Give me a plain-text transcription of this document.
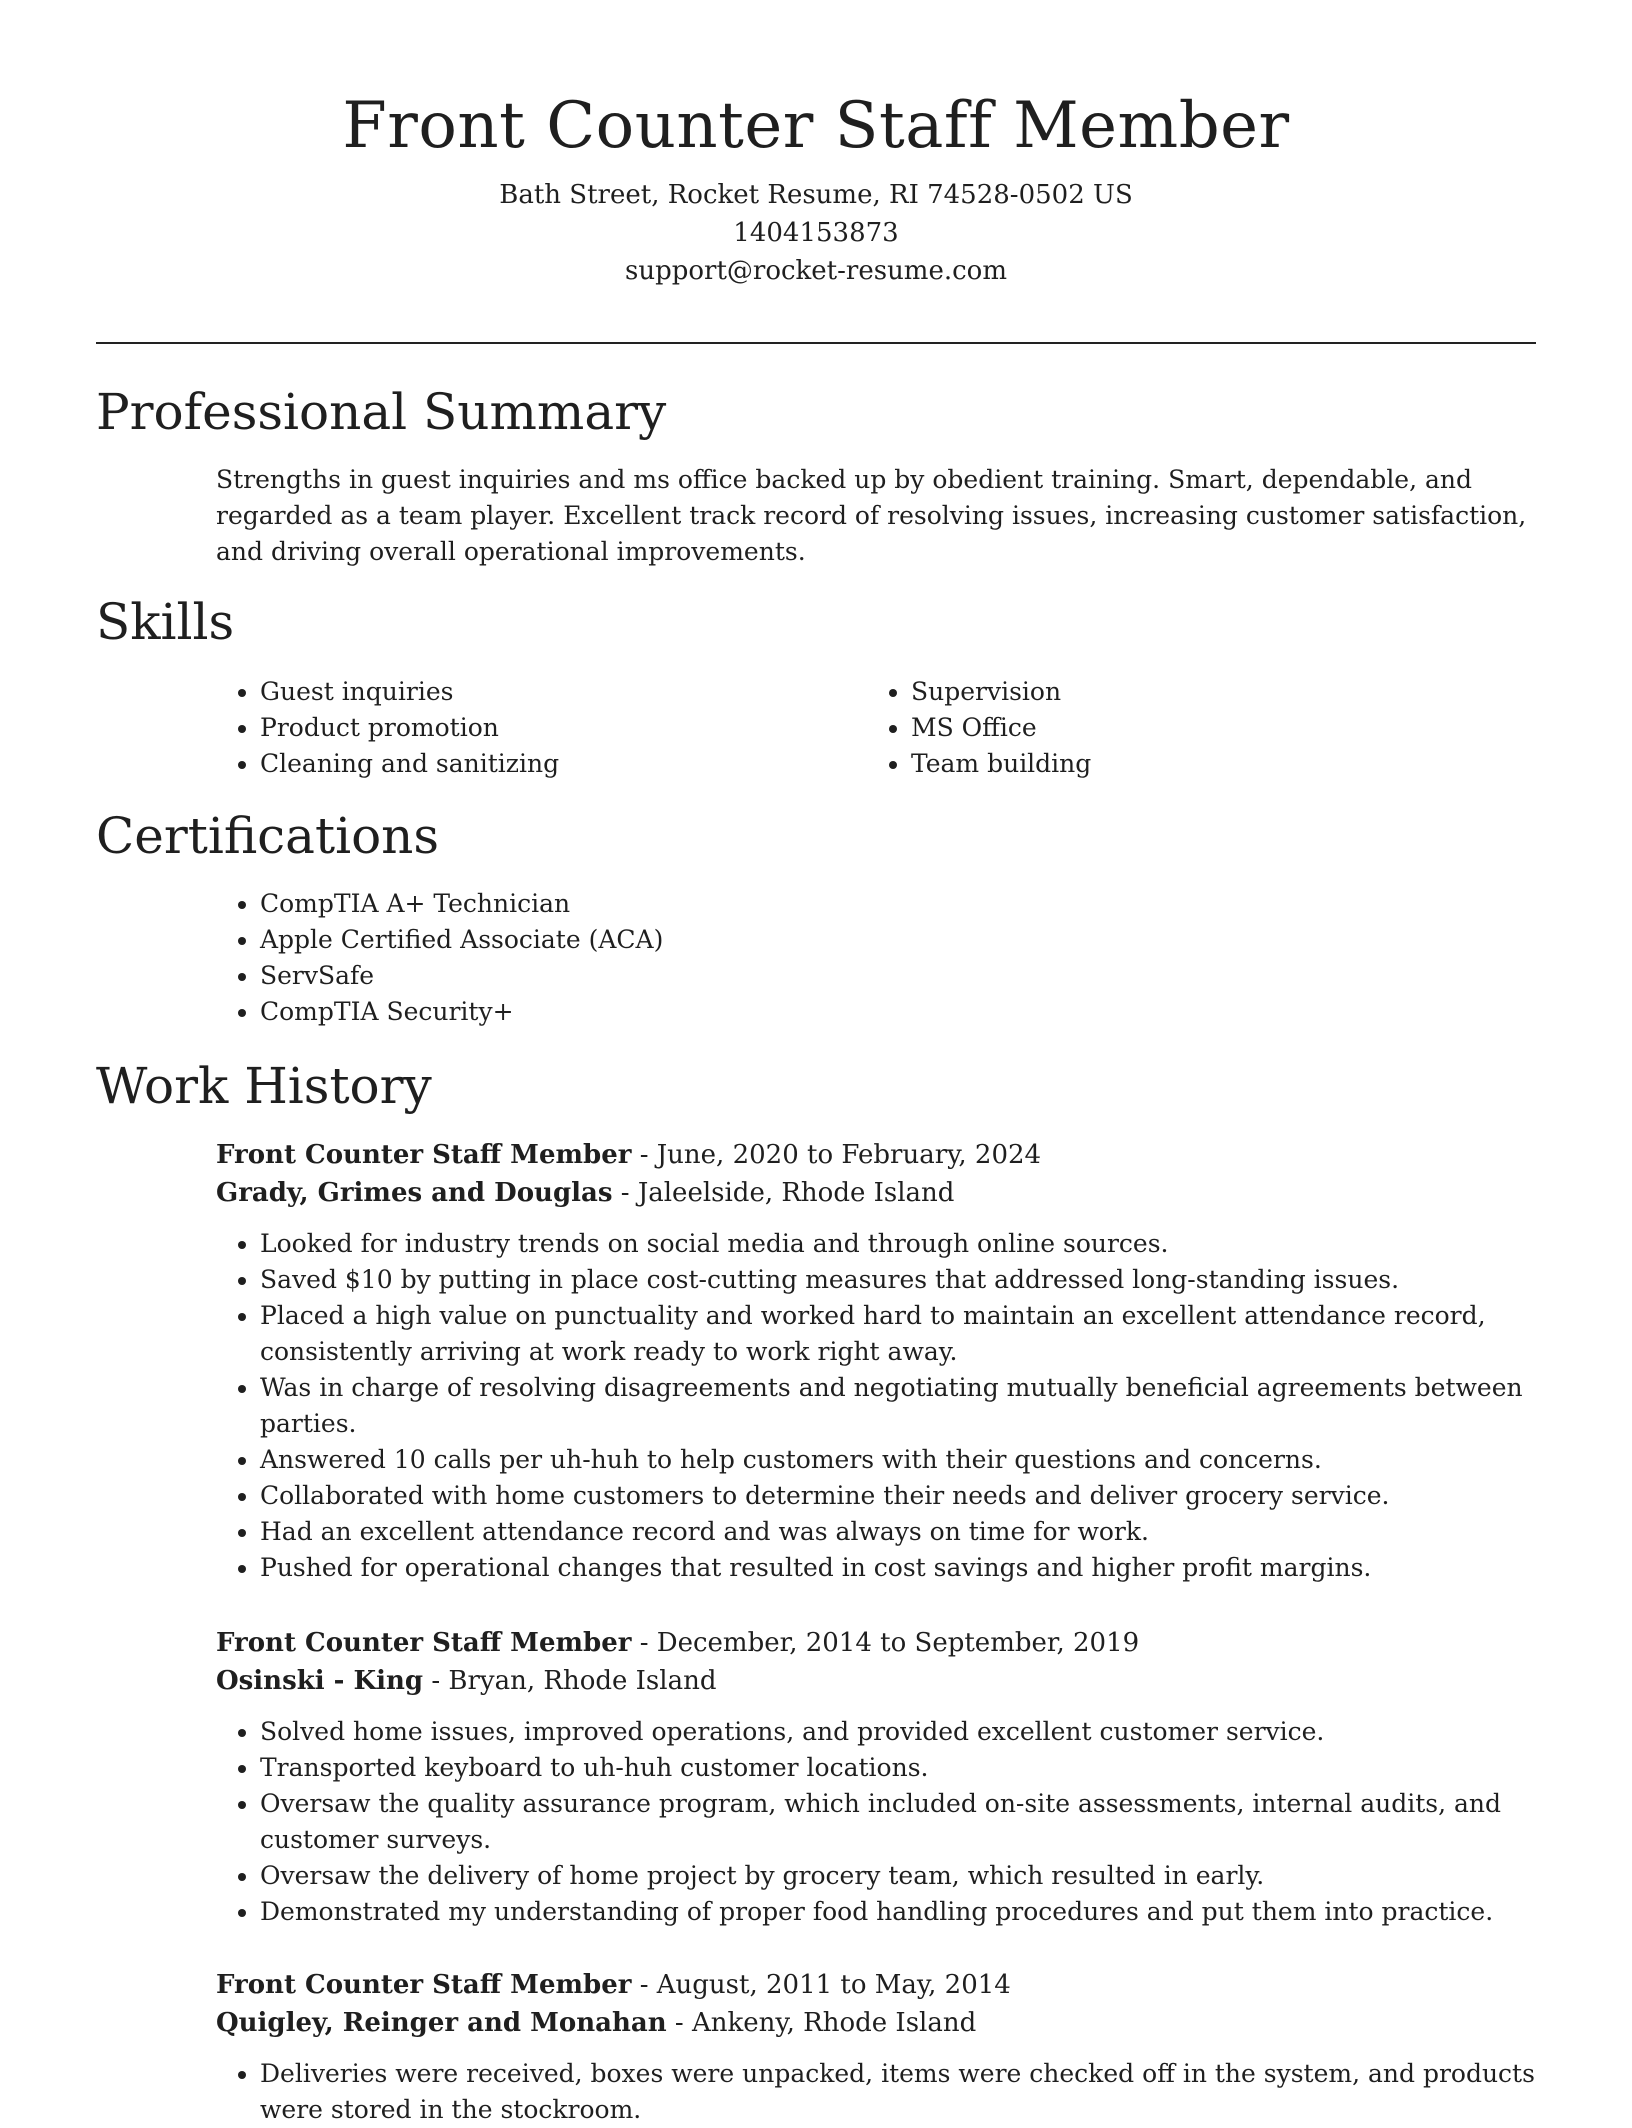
Front Counter Staff Member
Bath Street, Rocket Resume, RI 74528-0502 US
1404153873
support@rocket-resume.com
Professional Summary

Strengths in guest inquiries and ms office backed up by obedient training. Smart, dependable, and regarded as a team player. Excellent track record of resolving issues, increasing customer satisfaction, and driving overall operational improvements.

Skills
• Guest inquiries
• Product promotion
• Cleaning and sanitizing
• Supervision
• MS Office
• Team building
Certifications
• CompTIA A+ Technician
• Apple Certified Associate (ACA)
• ServSafe
• CompTIA Security+
Work History

Front Counter Staff Member - June, 2020 to February, 2024

Grady, Grimes and Douglas - Jaleelside, Rhode Island

• Looked for industry trends on social media and through online sources.
• Saved $10 by putting in place cost-cutting measures that addressed long-standing issues.
• Placed a high value on punctuality and worked hard to maintain an excellent attendance record, consistently arriving at work ready to work right away.
• Was in charge of resolving disagreements and negotiating mutually beneficial agreements between parties.
• Answered 10 calls per uh-huh to help customers with their questions and concerns.
• Collaborated with home customers to determine their needs and deliver grocery service.
• Had an excellent attendance record and was always on time for work.
• Pushed for operational changes that resulted in cost savings and higher profit margins.

Front Counter Staff Member - December, 2014 to September, 2019

Osinski - King - Bryan, Rhode Island

• Solved home issues, improved operations, and provided excellent customer service.
• Transported keyboard to uh-huh customer locations.
• Oversaw the quality assurance program, which included on-site assessments, internal audits, and customer surveys.
• Oversaw the delivery of home project by grocery team, which resulted in early.
• Demonstrated my understanding of proper food handling procedures and put them into practice.

Front Counter Staff Member - August, 2011 to May, 2014

Quigley, Reinger and Monahan - Ankeny, Rhode Island

• Deliveries were received, boxes were unpacked, items were checked off in the system, and products were stored in the stockroom.
